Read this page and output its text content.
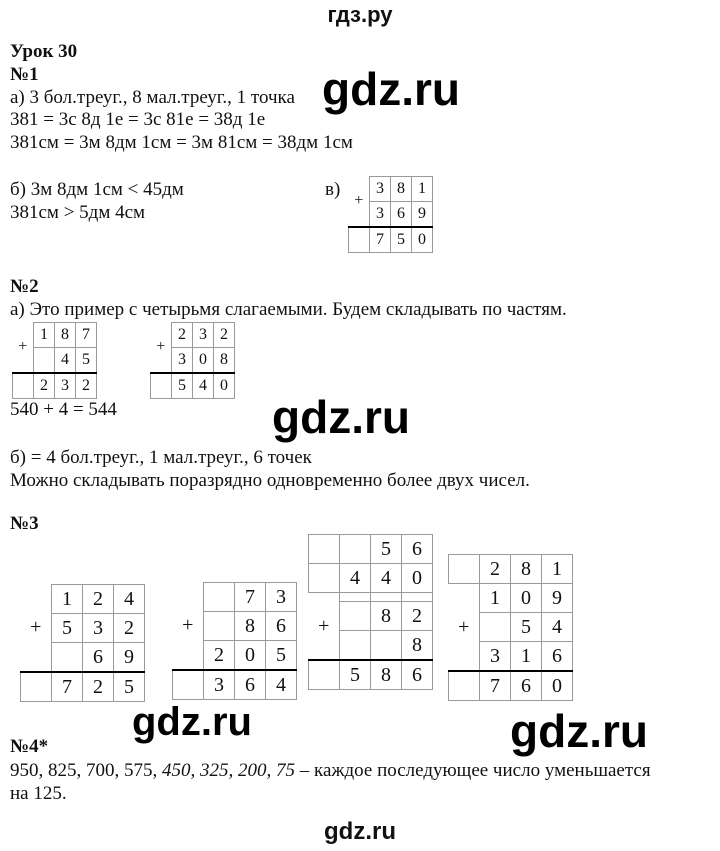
гдз.ру
Урок 30
№1
а) 3 бол.треуг., 8 мал.треуг., 1 точка
381 = 3с 8д 1е = 3с 81е = 38д 1е
381см = 3м 8дм 1см = 3м 81см = 38дм 1см
б) 3м 8дм 1см < 45дм
381см > 5дм 4см
в)
gdz.ru
+	3	8	1
	3	6	9
	7	5	0
№2
а) Это пример с четырьмя слагаемыми. Будем складывать по частям.
+	1	8	7
		4	5
	2	3	2
+	2	3	2
	3	0	8
	5	4	0
540 + 4 = 544	gdz.ru
б) = 4 бол.треуг., 1 мал.треуг., 6 точек
Можно складывать поразрядно одновременно более двух чисел.
№3
+	1	2	4
	5	3	2
		6	9
	7	2	5
+		7	3
		8	6
	2	0	5
	3	6	4
		5	6
	4	4	0
+			
		8	2
			8
	5	8	6
	2	8	1
+	1	0	9
		5	4
	3	1	6
	7	6	0
gdz.ru	gdz.ru
№4*
950, 825, 700, 575, 450, 325, 200, 75 – каждое последующее число уменьшается
на 125.
gdz.ru
